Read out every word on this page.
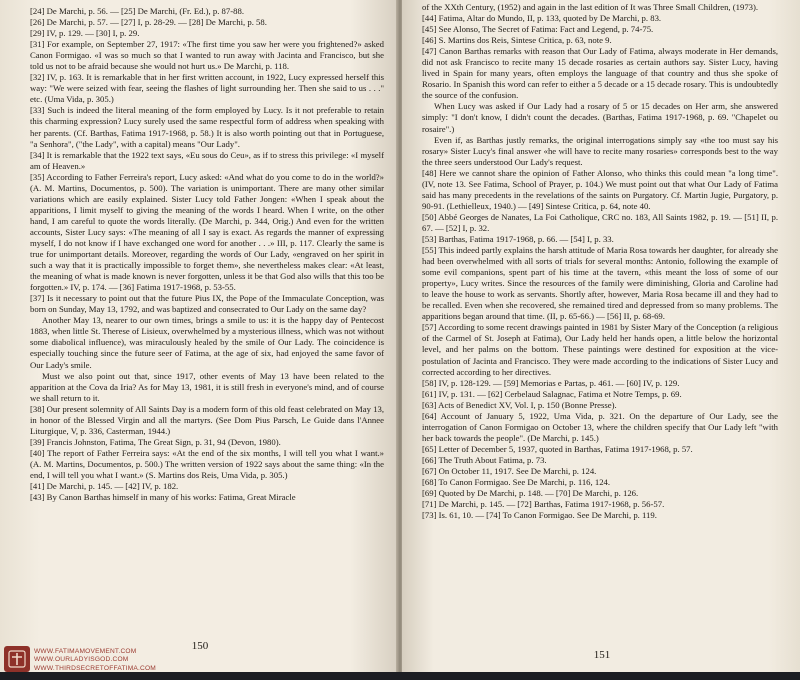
[24] De Marchi, p. 56. — [25] De Marchi, (Fr. Ed.), p. 87-88.

[26] De Marchi, p. 57. — [27] I, p. 28-29. — [28] De Marchi, p. 58.

[29] IV, p. 129. — [30] I, p. 29.

[31] For example, on September 27, 1917: «The first time you saw her were you frightened?» asked Canon Formigao. «I was so much so that I wanted to run away with Jacinta and Francisco, but she told us not to be afraid because she would not hurt us.» De Marchi, p. 118.

[32] IV, p. 163. It is remarkable that in her first written account, in 1922, Lucy expressed herself this way: "We were seized with fear, seeing the flashes of light surrounding her. Then she said to us . . ." etc. (Uma Vida, p. 305.)

[33] Such is indeed the literal meaning of the form employed by Lucy. Is it not preferable to retain this charming expression? Lucy surely used the same respectful form of address when speaking with her parents. (Cf. Barthas, Fatima 1917-1968, p. 58.) It is also worth pointing out that in Portuguese, "a Senhora", ("the Lady", with a capital) means "Our Lady".

[34] It is remarkable that the 1922 text says, «Eu sous do Ceu», as if to stress this privilege: «I myself am of Heaven.»

[35] According to Father Ferreira's report, Lucy asked: «And what do you come to do in the world?» (A. M. Martins, Documentos, p. 500). The variation is unimportant. There are many other similar variations which are easily explained. Sister Lucy told Father Jongen: «When I speak about the apparitions, I limit myself to giving the meaning of the words I heard. When I write, on the other hand, I am careful to quote the words literally. (De Marchi, p. 344, Orig.) And even for the written accounts, Sister Lucy says: «The meaning of all I say is exact. As regards the manner of expressing myself, I do not know if I have exchanged one word for another . . .» III, p. 117. Clearly the same is true for unimportant details. Moreover, regarding the words of Our Lady, «engraved on her spirit in such a way that it is practically impossible to forget them», she nevertheless makes clear: «At least, the meaning of what is made known is never forgotten, unless it be that God also wills that this too be forgotten.» IV, p. 174. — [36] Fatima 1917-1968, p. 53-55.

[37] Is it necessary to point out that the future Pius IX, the Pope of the Immaculate Conception, was born on Sunday, May 13, 1792, and was baptized and consecrated to Our Lady on the same day?

Another May 13, nearer to our own times, brings a smile to us: it is the happy day of Pentecost 1883, when little St. Therese of Lisieux, overwhelmed by a mysterious illness, which was not without some diabolical influence), was miraculously healed by the smile of Our Lady. The coincidence is especially touching since the future seer of Fatima, at the age of six, had enjoyed the same favor of Our Lady's smile.

Must we also point out that, since 1917, other events of May 13 have been related to the apparition at the Cova da Iria? As for May 13, 1981, it is still fresh in everyone's mind, and of course we shall return to it.

[38] Our present solemnity of All Saints Day is a modern form of this old feast celebrated on May 13, in honor of the Blessed Virgin and all the martyrs. (See Dom Pius Parsch, Le Guide dans l'Annee Liturgique, V, p. 336, Casterman, 1944.)

[39] Francis Johnston, Fatima, The Great Sign, p. 31, 94 (Devon, 1980).

[40] The report of Father Ferreira says: «At the end of the six months, I will tell you what I want.» (A. M. Martins, Documentos, p. 500.) The written version of 1922 says about the same thing: «In the end, I will tell you what I want.» (S. Martins dos Reis, Uma Vida, p. 305.)

[41] De Marchi, p. 145. — [42] IV, p. 182.

[43] By Canon Barthas himself in many of his works: Fatima, Great Miracle

150

of the XXth Century, (1952) and again in the last edition of It was Three Small Children, (1973).

[44] Fatima, Altar do Mundo, II, p. 133, quoted by De Marchi, p. 83.

[45] See Alonso, The Secret of Fatima: Fact and Legend, p. 74-75.

[46] S. Martins dos Reis, Sintese Critica, p. 63, note 9.

[47] Canon Barthas remarks with reason that Our Lady of Fatima, always moderate in Her demands, did not ask Francisco to recite many 15 decade rosaries as certain authors say. Sister Lucy, having lived in Spain for many years, often employs the language of that country and thus she spoke of Rosario. In Spanish this word can refer to either a 5 decade or a 15 decade rosary. This is undoubtedly the source of the confusion.

When Lucy was asked if Our Lady had a rosary of 5 or 15 decades on Her arm, she answered simply: "I don't know, I didn't count the decades. (Barthas, Fatima 1917-1968, p. 69. "Chapelet ou rosaire".)

Even if, as Barthas justly remarks, the original interrogations simply say «the too must say his rosary» Sister Lucy's final answer «he will have to recite many rosaries» corresponds best to the way the three seers understood Our Lady's request.

[48] Here we cannot share the opinion of Father Alonso, who thinks this could mean "a long time". (IV, note 13. See Fatima, School of Prayer, p. 104.) We must point out that what Our Lady of Fatima said has many precedents in the revelations of the saints on Purgatory. Cf. Martin Jugie, Purgatory, p. 90-91. (Lethielleux, 1940.) — [49] Sintese Critica, p. 64, note 40.

[50] Abbé Georges de Nanates, La Foi Catholique, CRC no. 183, All Saints 1982, p. 19. — [51] II, p. 67. — [52] I, p. 32.

[53] Barthas, Fatima 1917-1968, p. 66. — [54] I, p. 33.

[55] This indeed partly explains the harsh attitude of Maria Rosa towards her daughter, for already she had been overwhelmed with all sorts of trials for several months: Antonio, following the example of some evil companions, spent part of his time at the tavern, «this meant the loss of some of our property», Lucy writes. Since the resources of the family were diminishing, Gloria and Caroline had to leave the house to work as servants. Shortly after, however, Maria Rosa became ill and they had to be recalled. Even when she recovered, she remained tired and depressed from so many problems. The apparitions began around that time. (II, p. 65-66.) — [56] II, p. 68-69.

[57] According to some recent drawings painted in 1981 by Sister Mary of the Conception (a religious of the Carmel of St. Joseph at Fatima), Our Lady held her hands open, a little below the horizontal level, and her palms on the bottom. These paintings were destined for exposition at the vice-postulation of Jacinta and Francisco. They were made according to the indications of Sister Lucy and corrected according to her directives.

[58] IV, p. 128-129. — [59] Memorias e Partas, p. 461. — [60] IV, p. 129.

[61] IV, p. 131. — [62] Cerbelaud Salagnac, Fatima et Notre Temps, p. 69.

[63] Acts of Benedict XV, Vol. I, p. 150 (Bonne Presse).

[64] Account of January 5, 1922, Uma Vida, p. 321. On the departure of Our Lady, see the interrogation of Canon Formigao on October 13, where the children specify that Our Lady left "with her back towards the people". (De Marchi, p. 145.)

[65] Letter of December 5, 1937, quoted in Barthas, Fatima 1917-1968, p. 57.

[66] The Truth About Fatima, p. 73.

[67] On October 11, 1917. See De Marchi, p. 124.

[68] To Canon Formigao. See De Marchi, p. 116, 124.

[69] Quoted by De Marchi, p. 148. — [70] De Marchi, p. 126.

[71] De Marchi, p. 145. — [72] Barthas, Fatima 1917-1968, p. 56-57.

[73] Is. 61, 10. — [74] To Canon Formigao. See De Marchi, p. 119.

151
WWW.FATIMAMOVEMENT.COM
WWW.OURLADYISGOD.COM
WWW.THIRDSECRETOFFATIMA.COM
